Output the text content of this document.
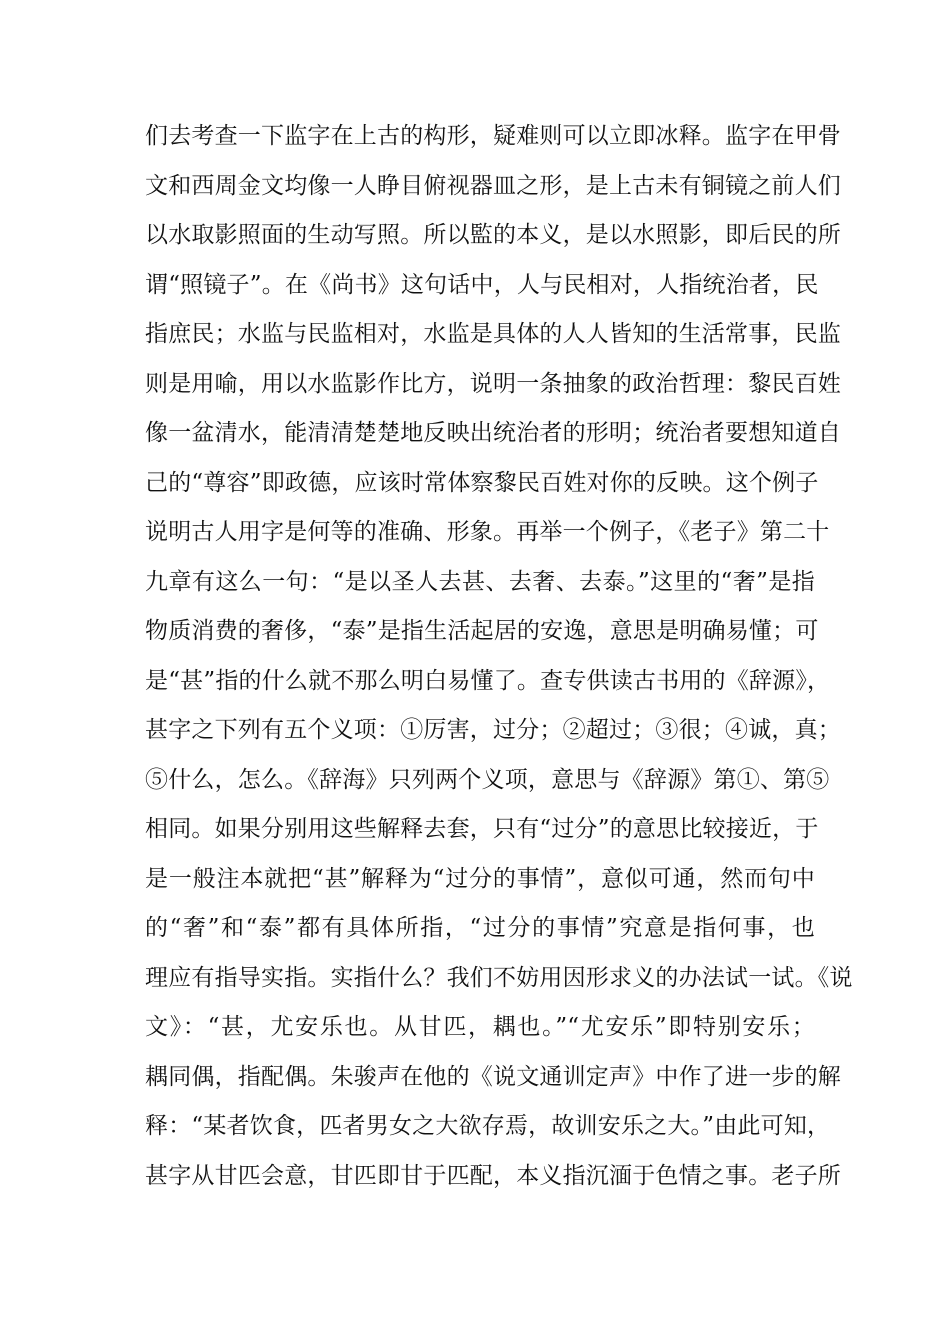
们去考查一下监字在上古的构形，疑难则可以立即冰释。监字在甲骨
文和西周金文均像一人睁目俯视器皿之形，是上古未有铜镜之前人们
以水取影照面的生动写照。所以監的本义，是以水照影，即后民的所
谓“照镜子”。在《尚书》这句话中，人与民相对，人指统治者，民
指庶民；水监与民监相对，水监是具体的人人皆知的生活常事，民监
则是用喻，用以水监影作比方，说明一条抽象的政治哲理：黎民百姓
像一盆清水，能清清楚楚地反映出统治者的形明；统治者要想知道自
己的“尊容”即政德，应该时常体察黎民百姓对你的反映。这个例子
说明古人用字是何等的准确、形象。再举一个例子，《老子》第二十
九章有这么一句：“是以圣人去甚、去奢、去泰。”这里的“奢”是指
物质消费的奢侈，“泰”是指生活起居的安逸，意思是明确易懂；可
是“甚”指的什么就不那么明白易懂了。查专供读古书用的《辞源》，
甚字之下列有五个义项：①厉害，过分；②超过；③很；④诚，真；
⑤什么，怎么。《辞海》只列两个义项，意思与《辞源》第①、第⑤
相同。如果分别用这些解释去套，只有“过分”的意思比较接近，于
是一般注本就把“甚”解释为“过分的事情”，意似可通，然而句中
的“奢”和“泰”都有具体所指，“过分的事情”究意是指何事，也
理应有指导实指。实指什么？我们不妨用因形求义的办法试一试。《说
文》：“甚，尤安乐也。从甘匹，耦也。”“尤安乐”即特别安乐；
耦同偶，指配偶。朱骏声在他的《说文通训定声》中作了进一步的解
释：“某者饮食，匹者男女之大欲存焉，故训安乐之大。”由此可知，
甚字从甘匹会意，甘匹即甘于匹配，本义指沉湎于色情之事。老子所
